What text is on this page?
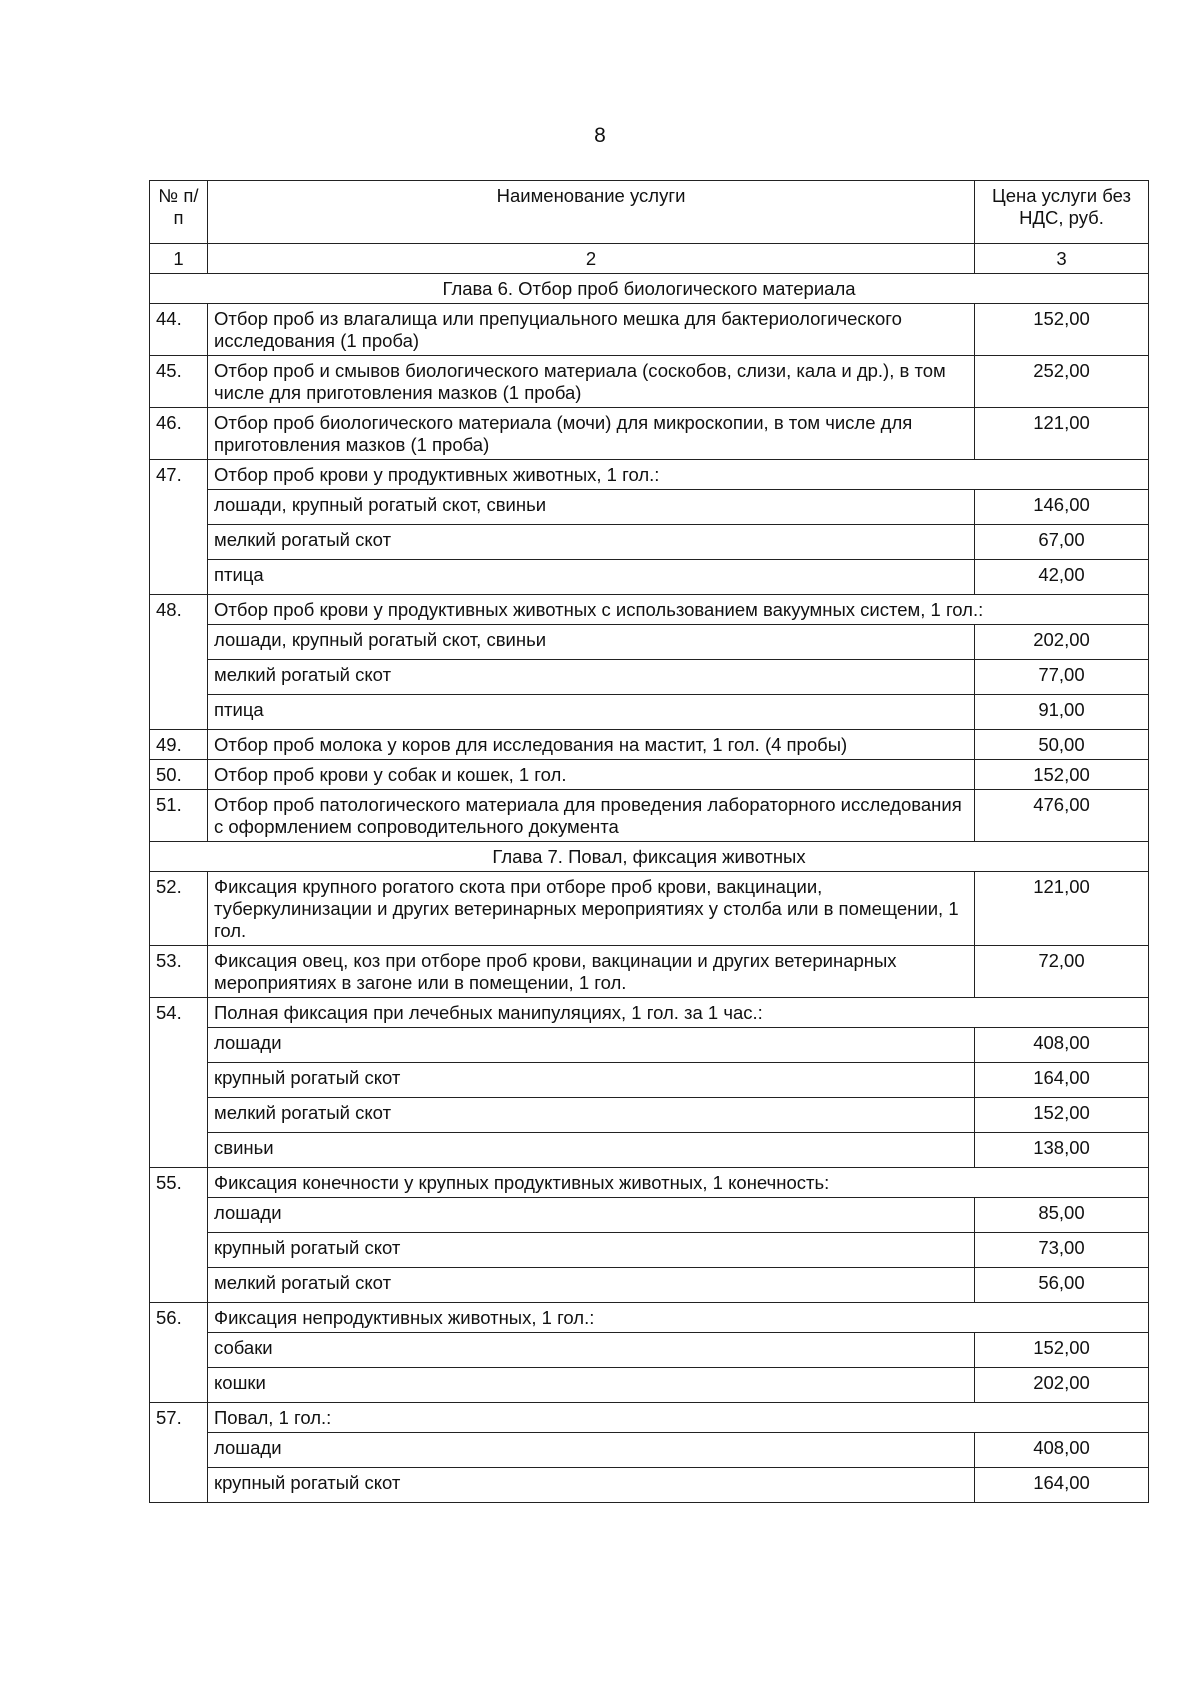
8
№ п/п	Наименование услуги	Цена услуги без НДС, руб.
1	2	3
Глава 6. Отбор проб биологического материала		
44.	Отбор проб из влагалища или препуциального мешка для бактериологического исследования (1 проба)	152,00
45.	Отбор проб и смывов биологического материала (соскобов, слизи, кала и др.), в том числе для приготовления мазков (1 проба)	252,00
46.	Отбор проб биологического материала (мочи) для микроскопии, в том числе для приготовления мазков (1 проба)	121,00
47.	Отбор проб крови у продуктивных животных, 1 гол.:	
	лошади, крупный рогатый скот, свиньи	146,00
	мелкий рогатый скот	67,00
	птица	42,00
48.	Отбор проб крови у продуктивных животных с использованием вакуумных систем, 1 гол.:	
	лошади, крупный рогатый скот, свиньи	202,00
	мелкий рогатый скот	77,00
	птица	91,00
49.	Отбор проб молока у коров для исследования на мастит, 1 гол. (4 пробы)	50,00
50.	Отбор проб крови у собак и кошек, 1 гол.	152,00
51.	Отбор проб патологического материала для проведения лабораторного исследования с оформлением сопроводительного документа	476,00
Глава 7. Повал, фиксация животных		
52.	Фиксация крупного рогатого скота при отборе проб крови, вакцинации, туберкулинизации и других ветеринарных мероприятиях у столба или в помещении, 1 гол.	121,00
53.	Фиксация овец, коз при отборе проб крови, вакцинации и других ветеринарных мероприятиях в загоне или в помещении, 1 гол.	72,00
54.	Полная фиксация при лечебных манипуляциях, 1 гол. за 1 час.:	
	лошади	408,00
	крупный рогатый скот	164,00
	мелкий рогатый скот	152,00
	свиньи	138,00
55.	Фиксация конечности у крупных продуктивных животных, 1 конечность:	
	лошади	85,00
	крупный рогатый скот	73,00
	мелкий рогатый скот	56,00
56.	Фиксация непродуктивных животных, 1 гол.:	
	собаки	152,00
	кошки	202,00
57.	Повал, 1 гол.:	
	лошади	408,00
	крупный рогатый скот	164,00
